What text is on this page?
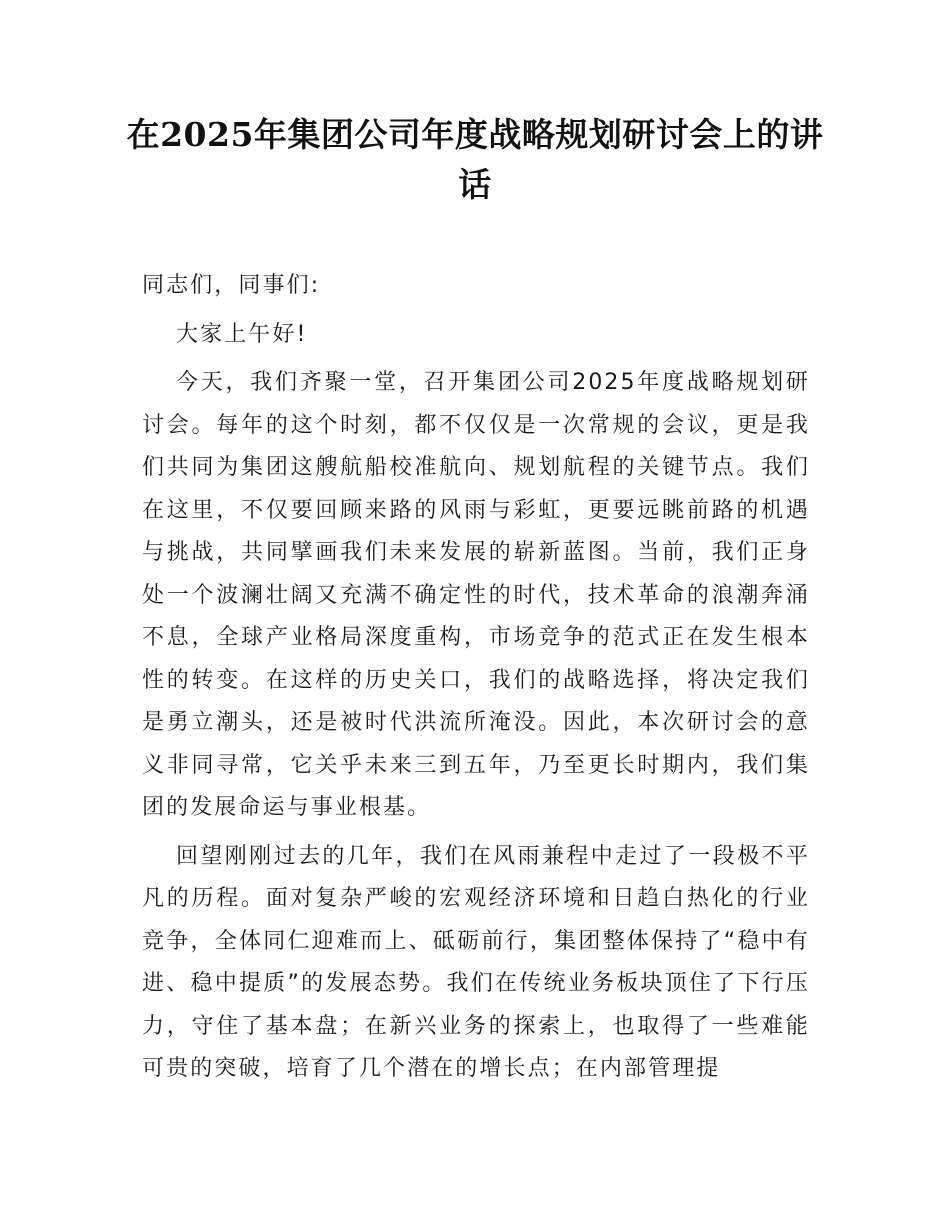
在2025年集团公司年度战略规划研讨会上的讲话

同志们，同事们:

大家上午好!

今天，我们齐聚一堂，召开集团公司2025年度战略规划研讨会。每年的这个时刻，都不仅仅是一次常规的会议，更是我们共同为集团这艘航船校准航向、规划航程的关键节点。我们在这里，不仅要回顾来路的风雨与彩虹，更要远眺前路的机遇与挑战，共同擘画我们未来发展的崭新蓝图。当前，我们正身处一个波澜壮阔又充满不确定性的时代，技术革命的浪潮奔涌不息，全球产业格局深度重构，市场竞争的范式正在发生根本性的转变。在这样的历史关口，我们的战略选择，将决定我们是勇立潮头，还是被时代洪流所淹没。因此，本次研讨会的意义非同寻常，它关乎未来三到五年，乃至更长时期内，我们集团的发展命运与事业根基。

回望刚刚过去的几年，我们在风雨兼程中走过了一段极不平凡的历程。面对复杂严峻的宏观经济环境和日趋白热化的行业竞争，全体同仁迎难而上、砥砺前行，集团整体保持了“稳中有进、稳中提质”的发展态势。我们在传统业务板块顶住了下行压力，守住了基本盘；在新兴业务的探索上，也取得了一些难能可贵的突破，培育了几个潜在的增长点；在内部管理提
